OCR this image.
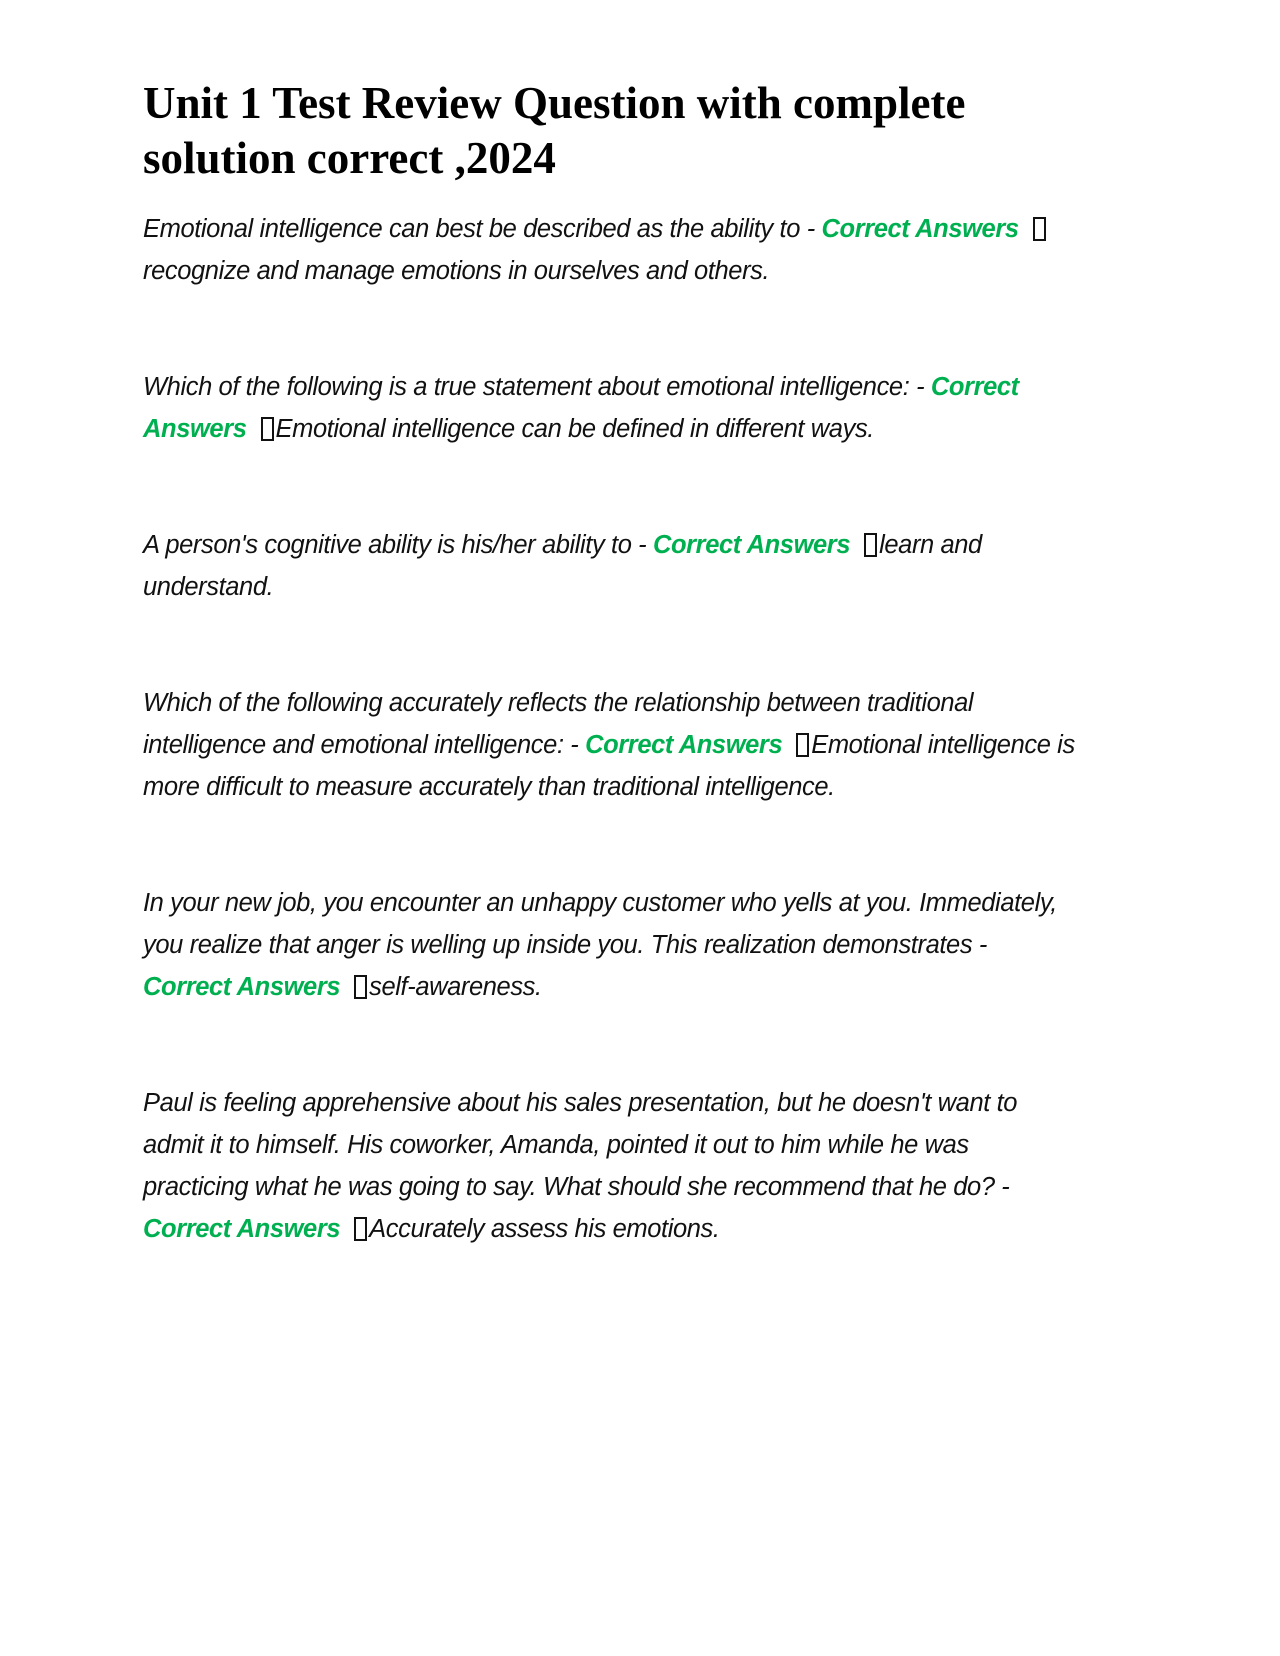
Unit 1 Test Review Question with complete solution correct ,2024

Emotional intelligence can best be described as the ability to - Correct Answersrecognize and manage emotions in ourselves and others.

Which of the following is a true statement about emotional intelligence: - Correct Answers Emotional intelligence can be defined in different ways.

A person's cognitive ability is his/her ability to - Correct Answers learn and understand.

Which of the following accurately reflects the relationship between traditional intelligence and emotional intelligence: - Correct Answers Emotional intelligence is more difficult to measure accurately than traditional intelligence.

In your new job, you encounter an unhappy customer who yells at you. Immediately, you realize that anger is welling up inside you. This realization demonstrates - Correct Answers self-awareness.

Paul is feeling apprehensive about his sales presentation, but he doesn't want to admit it to himself. His coworker, Amanda, pointed it out to him while he was practicing what he was going to say. What should she recommend that he do? - Correct Answers Accurately assess his emotions.
